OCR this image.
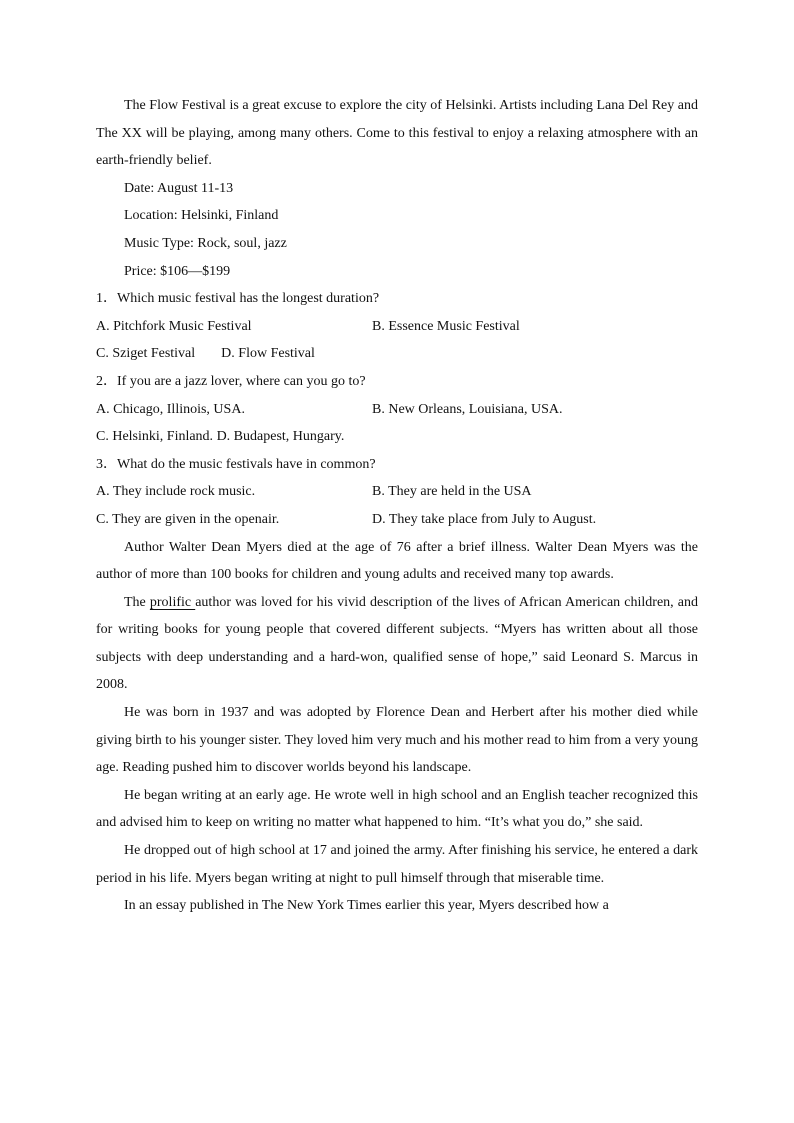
The Flow Festival is a great excuse to explore the city of Helsinki. Artists including Lana Del Rey and The XX will be playing, among many others. Come to this festival to enjoy a relaxing atmosphere with an earth-friendly belief.

Date: August 11-13

Location: Helsinki, Finland

Music Type: Rock, soul, jazz

Price: $106—$199

1．Which music festival has the longest duration?

A. Pitchfork Music Festival	B. Essence Music Festival

C. Sziget Festival D. Flow Festival

2．If you are a jazz lover, where can you go to?

A. Chicago, Illinois, USA.	B. New Orleans, Louisiana, USA.

C. Helsinki, Finland. D. Budapest, Hungary.

3．What do the music festivals have in common?

A. They include rock music.	B. They are held in the USA
C. They are given in the openair.	D. They take place from July to August.

Author Walter Dean Myers died at the age of 76 after a brief illness. Walter Dean Myers was the author of more than 100 books for children and young adults and received many top awards.

The prolific author was loved for his vivid description of the lives of African American children, and for writing books for young people that covered different subjects. “Myers has written about all those subjects with deep understanding and a hard-won, qualified sense of hope,” said Leonard S. Marcus in 2008.

He was born in 1937 and was adopted by Florence Dean and Herbert after his mother died while giving birth to his younger sister. They loved him very much and his mother read to him from a very young age. Reading pushed him to discover worlds beyond his landscape.

He began writing at an early age. He wrote well in high school and an English teacher recognized this and advised him to keep on writing no matter what happened to him. “It’s what you do,” she said.

He dropped out of high school at 17 and joined the army. After finishing his service, he entered a dark period in his life. Myers began writing at night to pull himself through that miserable time.

In an essay published in The New York Times earlier this year, Myers described how a
